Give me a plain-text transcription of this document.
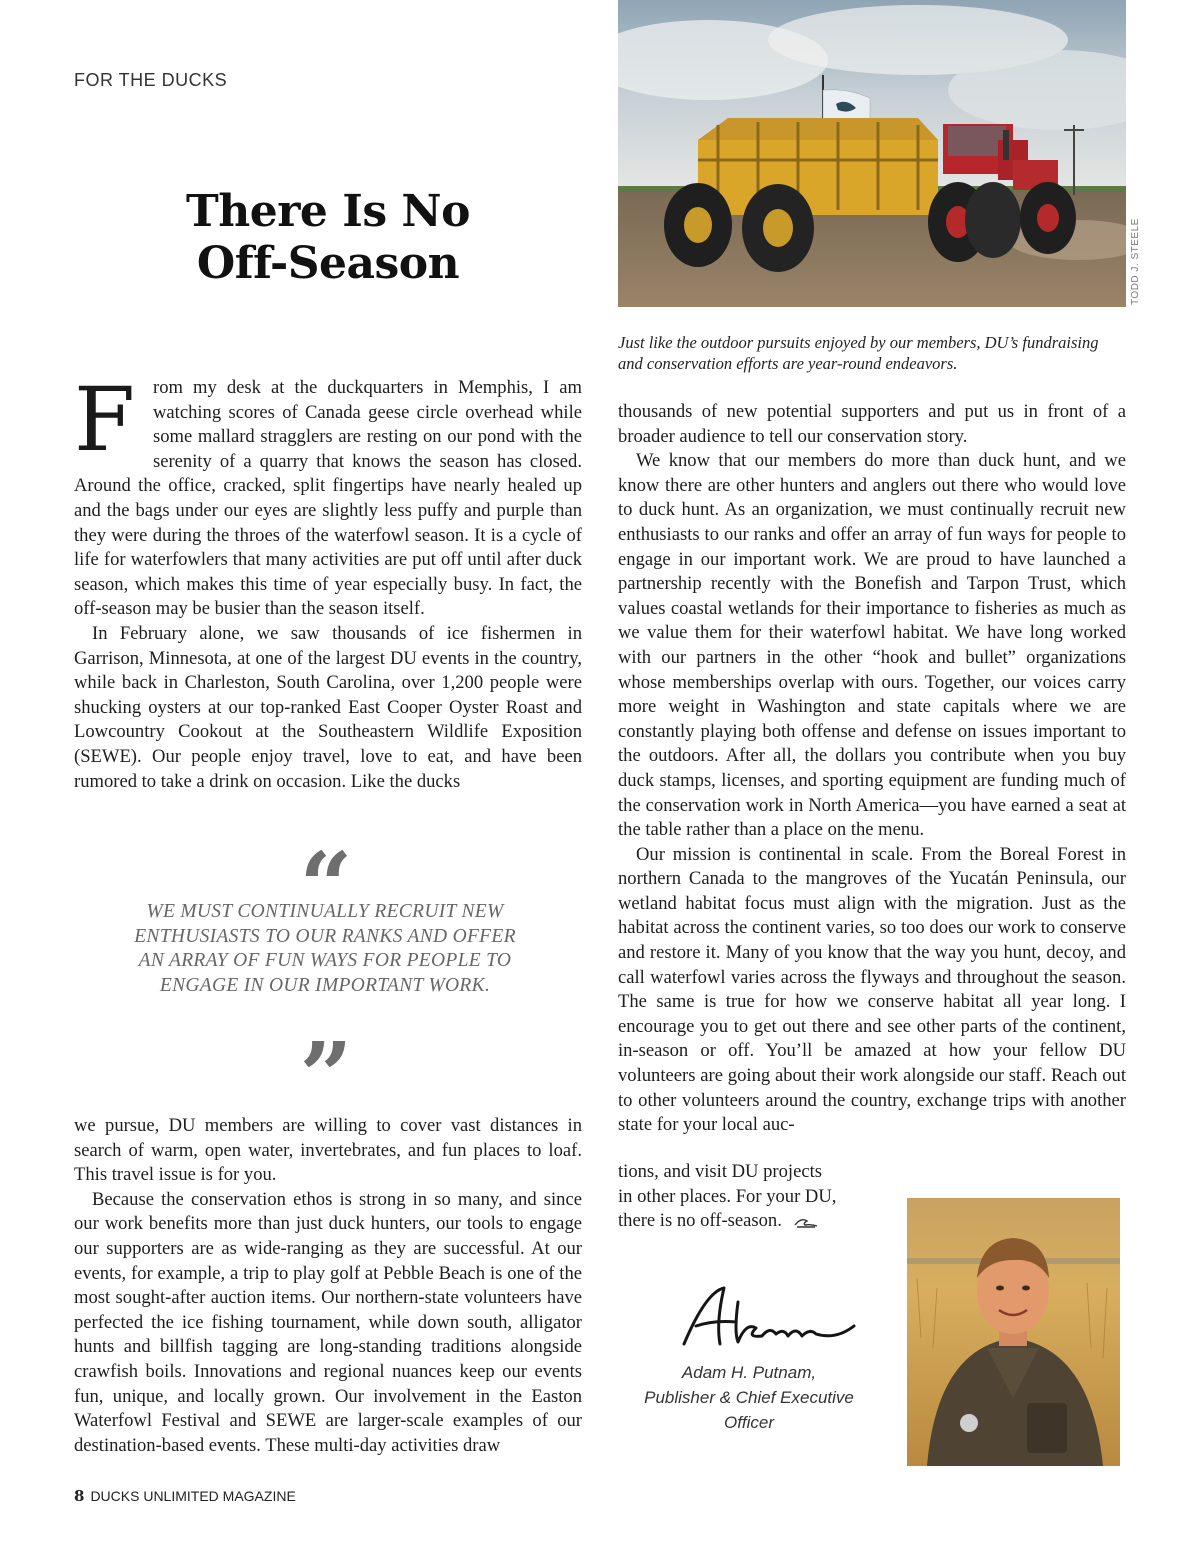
FOR THE DUCKS
There Is No
Off-Season	TODD J. STEELE
Just like the outdoor pursuits enjoyed by our members, DU’s fundraising and conservation efforts are year-round endeavors.

F rom my desk at the duckquarters in Memphis, I am watching scores of Canada geese circle overhead while some mallard stragglers are resting on our pond with the serenity of a quarry that knows the season has closed. Around the office, cracked, split fingertips have nearly healed up and the bags under our eyes are slightly less puffy and purple than they were during the throes of the waterfowl season. It is a cycle of life for waterfowlers that many activities are put off until after duck season, which makes this time of year especially busy. In fact, the off-season may be busier than the season itself.

In February alone, we saw thousands of ice fishermen in Garrison, Minnesota, at one of the largest DU events in the country, while back in Charleston, South Carolina, over 1,200 people were shucking oysters at our top-ranked East Cooper Oyster Roast and Lowcountry Cookout at the Southeastern Wildlife Exposition (SEWE). Our people enjoy travel, love to eat, and have been rumored to take a drink on occasion. Like the ducks

“
WE MUST CONTINUALLY RECRUIT NEW ENTHUSIASTS TO OUR RANKS AND OFFER AN ARRAY OF FUN WAYS FOR PEOPLE TO ENGAGE IN OUR IMPORTANT WORK.
”

we pursue, DU members are willing to cover vast distances in search of warm, open water, invertebrates, and fun places to loaf. This travel issue is for you.

Because the conservation ethos is strong in so many, and since our work benefits more than just duck hunters, our tools to engage our supporters are as wide-ranging as they are successful. At our events, for example, a trip to play golf at Pebble Beach is one of the most sought-after auction items. Our northern-state volunteers have perfected the ice fishing tournament, while down south, alligator hunts and billfish tagging are long-standing traditions alongside crawfish boils. Innovations and regional nuances keep our events fun, unique, and locally grown. Our involvement in the Easton Waterfowl Festival and SEWE are larger-scale examples of our destination-based events. These multi-day activities draw

thousands of new potential supporters and put us in front of a broader audience to tell our conservation story.

We know that our members do more than duck hunt, and we know there are other hunters and anglers out there who would love to duck hunt. As an organization, we must continually recruit new enthusiasts to our ranks and offer an array of fun ways for people to engage in our important work. We are proud to have launched a partnership recently with the Bonefish and Tarpon Trust, which values coastal wetlands for their importance to fisheries as much as we value them for their waterfowl habitat. We have long worked with our partners in the other “hook and bullet” organizations whose memberships overlap with ours. Together, our voices carry more weight in Washington and state capitals where we are constantly playing both offense and defense on issues important to the outdoors. After all, the dollars you contribute when you buy duck stamps, licenses, and sporting equipment are funding much of the conservation work in North America—you have earned a seat at the table rather than a place on the menu.

Our mission is continental in scale. From the Boreal Forest in northern Canada to the mangroves of the Yucatán Peninsula, our wetland habitat focus must align with the migration. Just as the habitat across the continent varies, so too does our work to conserve and restore it. Many of you know that the way you hunt, decoy, and call waterfowl varies across the flyways and throughout the season. The same is true for how we conserve habitat all year long. I encourage you to get out there and see other parts of the continent, in-season or off. You’ll be amazed at how your fellow DU volunteers are going about their work alongside our staff. Reach out to other volunteers around the country, exchange trips with another state for your local auc-

tions, and visit DU projects
in other places. For your DU,
there is no off-season.
Adam H. Putnam,
Publisher & Chief Executive Officer
8 DUCKS UNLIMITED MAGAZINE
